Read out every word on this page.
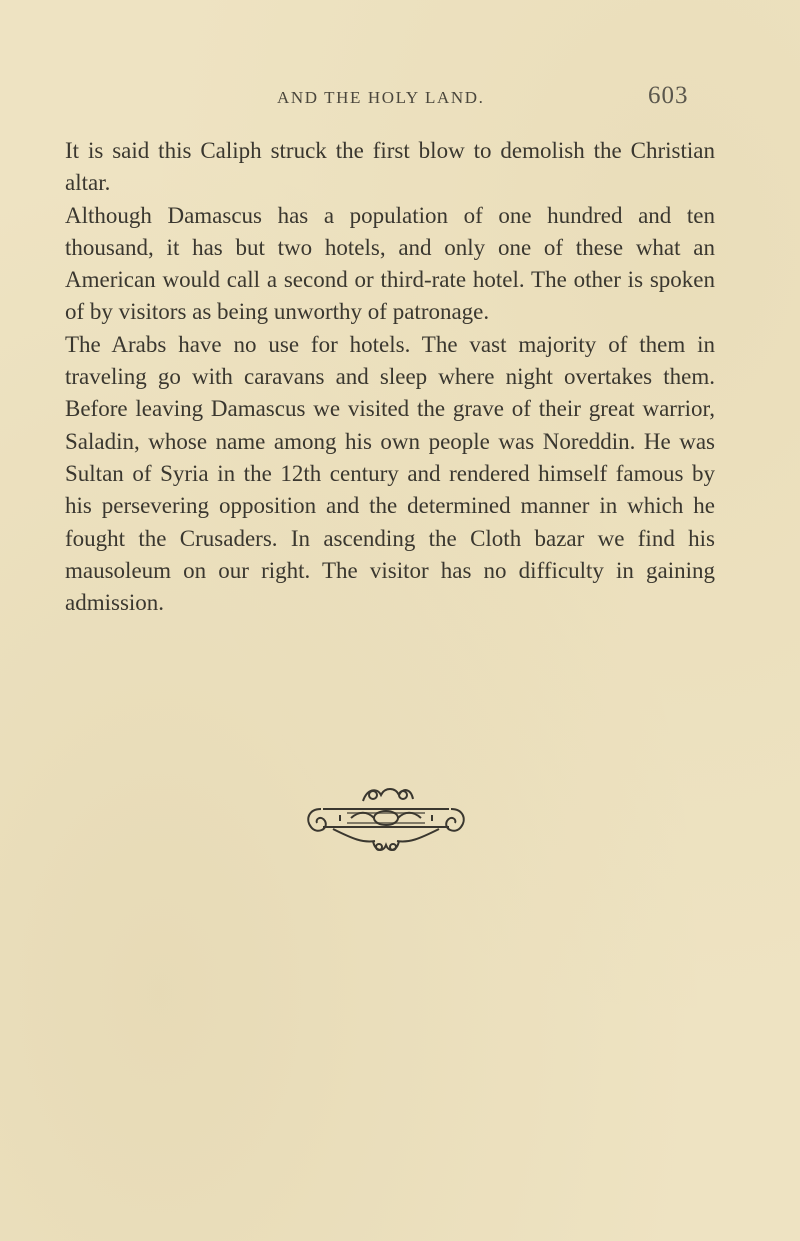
AND THE HOLY LAND.	603

It is said this Caliph struck the first blow to demolish the Christian altar.

Although Damascus has a population of one hundred and ten thousand, it has but two hotels, and only one of these what an American would call a second or third-rate hotel. The other is spoken of by visitors as being unworthy of patronage.

The Arabs have no use for hotels. The vast majority of them in traveling go with caravans and sleep where night overtakes them. Before leaving Damascus we visited the grave of their great warrior, Saladin, whose name among his own people was Noreddin. He was Sultan of Syria in the 12th century and rendered himself famous by his persevering opposition and the determined manner in which he fought the Crusaders. In ascending the Cloth bazar we find his mausoleum on our right. The visitor has no difficulty in gaining admission.
